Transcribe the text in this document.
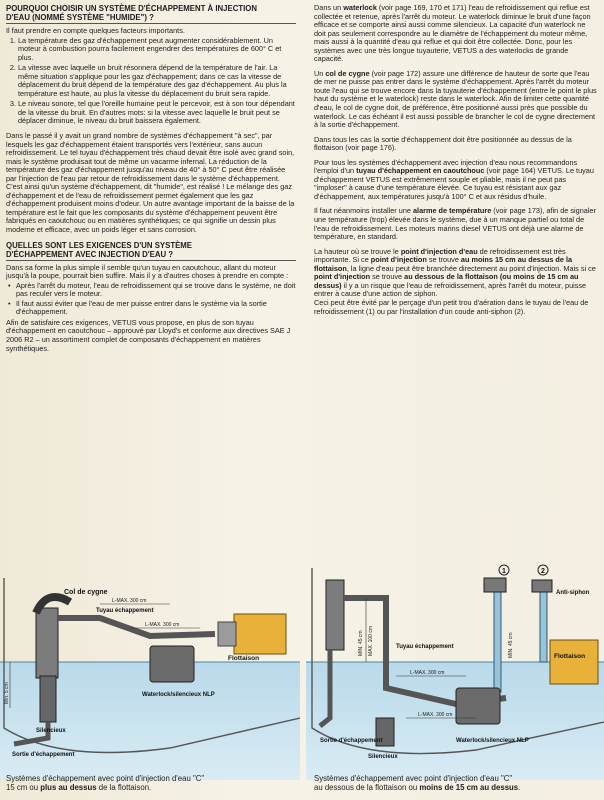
POURQUOI CHOISIR UN SYSTÈME D'ÉCHAPPEMENT À INJECTION
D'EAU (NOMMÉ SYSTÈME "HUMIDE") ?

Il faut prendre en compte quelques facteurs importants.

1. La température des gaz d'échappement peut augmenter considérablement. Un moteur à combustion pourra facilement engendrer des températures de 600° C et plus.
2. La vitesse avec laquelle un bruit résonnera dépend de la température de l'air. La même situation s'applique pour les gaz d'échappement; dans ce cas la vitesse de déplacement du bruit dépend de la température des gaz d'échappement. Au plus la température est haute, au plus la vitesse du déplacement du bruit sera rapide.
3. Le niveau sonore, tel que l'oreille humaine peut le percevoir, est à son tour dépendant de la vitesse du bruit. En d'autres mots: si la vitesse avec laquelle le bruit peut se déplacer diminue, le niveau du bruit baissera également.

Dans le passé il y avait un grand nombre de systèmes d'échappement "à sec", par lesquels les gaz d'échappement étaient transportés vers l'extérieur, sans aucun refroidissement. Le tel tuyau d'échappement très chaud devait être isolé avec grand soin, mais le système produisait tout de même un vacarme infernal. La réduction de la température des gaz d'échappement jusqu'au niveau de 40° à 50° C peut être réalisée par l'injection de l'eau par retour de refroidissement dans le système d'échappement. C'est ainsi qu'un système d'échappement, dit "humide", est réalisé ! Le mélange des gaz d'échappement et de l'eau de refroidissement permet également que les gaz d'échappement produisent moins d'odeur. Un autre avantage important de la baisse de la température est le fait que les composants du système d'échappement peuvent être fabriqués en caoutchouc ou en matières synthétiques; ce qui signifie un dessin plus moderne et efficace, avec un poids léger et sans corrosion.

QUELLES SONT LES EXIGENCES D'UN SYSTÈME
D'ÉCHAPPEMENT AVEC INJECTION D'EAU ?

Dans sa forme la plus simple il semble qu'un tuyau en caoutchouc, allant du moteur jusqu'à la poupe, pourrait bien suffire. Mais il y a d'autres choses à prendre en compte :

• Après l'arrêt du moteur, l'eau de refroidissement qui se trouve dans le système, ne doit pas reculer vers le moteur.
• Il faut aussi éviter que l'eau de mer puisse entrer dans le système via la sortie d'échappement.

Afin de satisfaire ces exigences, VETUS vous propose, en plus de son tuyau d'échappement en caoutchouc – approuvé par Lloyd's et conforme aux directives SAE J 2006 R2 – un assortiment complet de composants d'échappement en matières synthétiques.

Dans un waterlock (voir page 169, 170 et 171) l'eau de refroidissement qui reflue est collectée et retenue, après l'arrêt du moteur. Le waterlock diminue le bruit d'une façon efficace et se comporte ainsi aussi comme silencieux. La capacité d'un waterlock ne doit pas seulement correspondre au le diamètre de l'échappement du moteur même, mais aussi à la quantité d'eau qui reflue et qui doit être collectée. Donc, pour les systèmes avec une très longue tuyauterie, VETUS a des waterlocks de grande capacité.

Un col de cygne (voir page 172) assure une différence de hauteur de sorte que l'eau de mer ne puisse pas entrer dans le système d'échappement. Après l'arrêt du moteur toute l'eau qui se trouve encore dans la tuyauterie d'échappement (entre le point le plus haut du système et le waterlock) reste dans le waterlock. Afin de limiter cette quantité d'eau, le col de cygne doit, de préférence, être positionné aussi près que possible du waterlock. Le cas échéant il est aussi possible de brancher le col de cygne directement à la sortie d'échappement.

Dans tous les cas la sortie d'échappement doit être positionnée au dessus de la flottaison (voir page 176).

Pour tous les systèmes d'échappement avec injection d'eau nous recommandons l'emploi d'un tuyau d'échappement en caoutchouc (voir page 164) VETUS. Le tuyau d'échappement VETUS est extrêmement souple et pliable, mais il ne peut pas "imploser" à cause d'une température élevée. Ce tuyau est résistant aux gaz d'échappement, aux températures jusqu'à 100° C et aux résidus d'huile.

Il faut néanmoins installer une alarme de température (voir page 173), afin de signaler une température (trop) élevée dans le système, due à un manque partiel ou total de l'eau de refroidissement. Les moteurs marins diesel VETUS ont déjà une alarme de température, en standard.

La hauteur où se trouve le point d'injection d'eau de refroidissement est très importante. Si ce point d'injection se trouve au moins 15 cm au dessus de la flottaison, la ligne d'eau peut être branchée directement au point d'injection. Mais si ce point d'injection se trouve au dessous de la flottaison (ou moins de 15 cm au dessus) il y a un risque que l'eau de refroidissement, après l'arrêt du moteur, puisse entrer à cause d'une action de siphon.

Ceci peut être évité par le perçage d'un petit trou d'aération dans le tuyau de l'eau de refroidissement (1) ou par l'installation d'un coude anti-siphon (2).

Col de cygne
Tuyau échappement
L-MAX. 300 cm
L-MAX. 300 cm
Flottaison
Min. 5 cm
Silencieux
Waterlock/silencieux NLP
Sortie d'échappement
1	2
Anti-siphon
Tuyau échappement
MIN. 45 cm MAX. 100 cm	MIN. 45 cm
L-MAX. 300 cm
L-MAX. 300 cm
Flottaison
Sortie d'échappement
Silencieux
Waterlock/silencieux NLP
Systèmes d'échappement avec point d'injection d'eau "C"
15 cm ou plus au dessus de la flottaison.
Systèmes d'échappement avec point d'injection d'eau "C"
au dessous de la flottaison ou moins de 15 cm au dessus.
